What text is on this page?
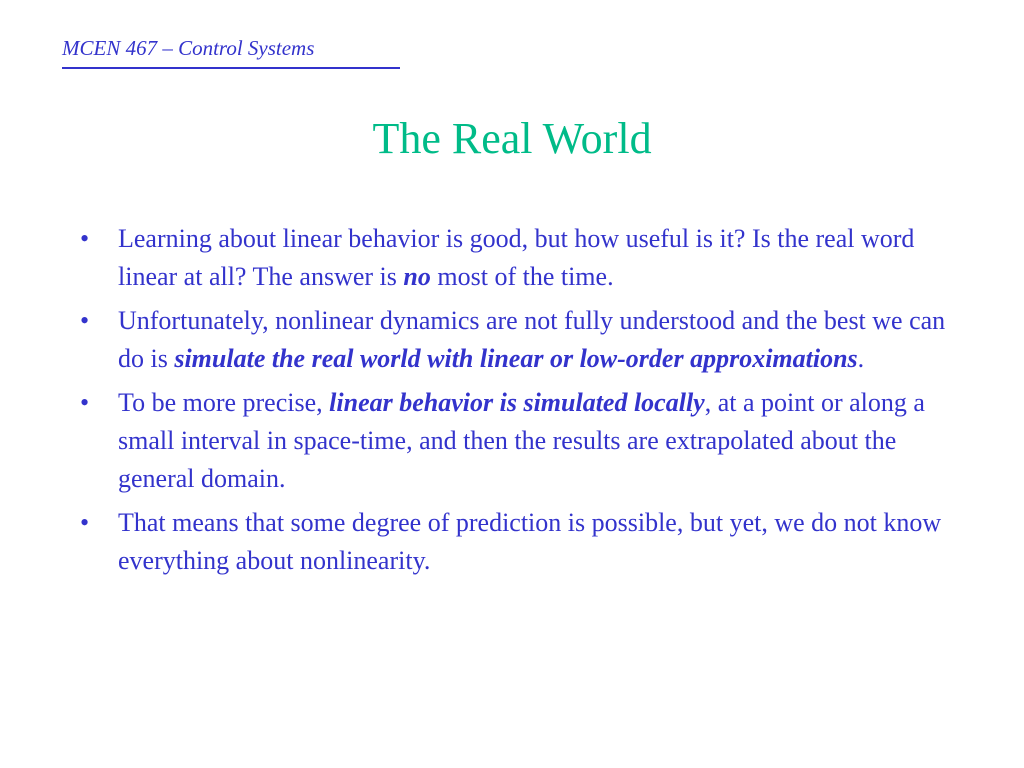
MCEN 467 – Control Systems
The Real World
•	Learning about linear behavior is good, but how useful is it? Is the real word linear at all? The answer is no most of the time.
•	Unfortunately, nonlinear dynamics are not fully understood and the best we can do is simulate the real world with linear or low-order approximations.
•	To be more precise, linear behavior is simulated locally, at a point or along a small interval in space-time, and then the results are extrapolated about the general domain.
•	That means that some degree of prediction is possible, but yet, we do not know everything about nonlinearity.
